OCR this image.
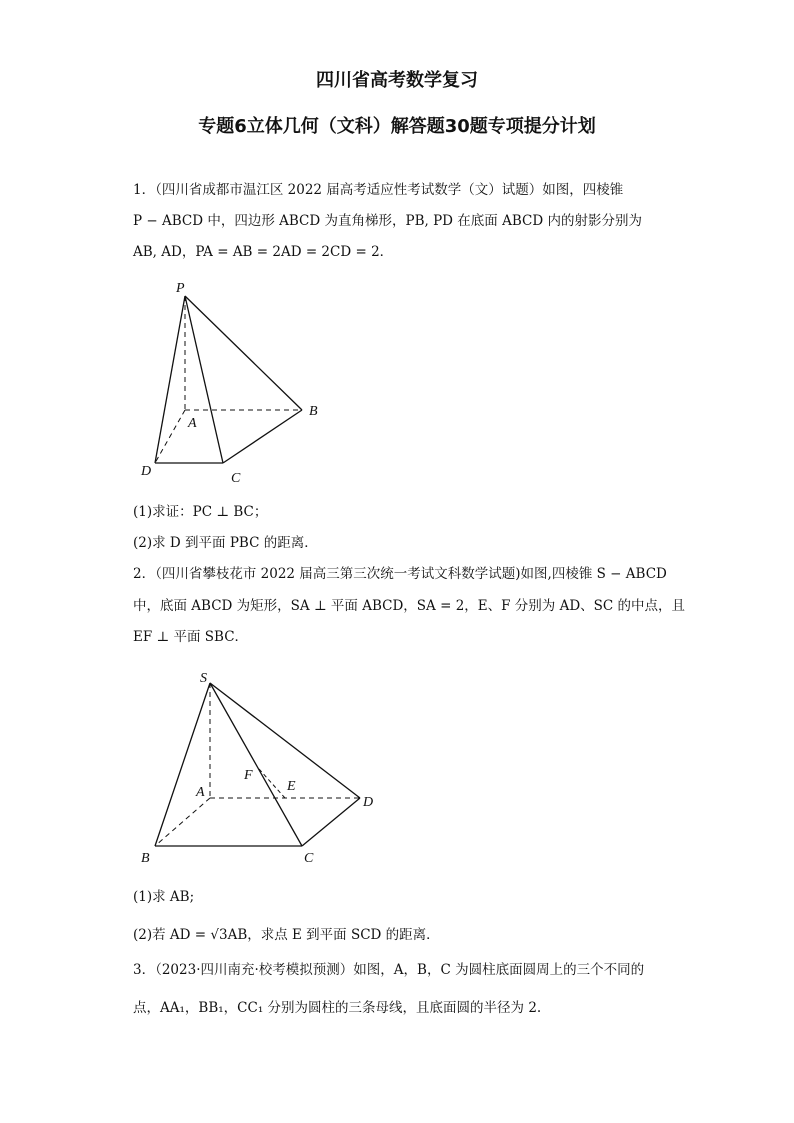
四川省高考数学复习
专题6立体几何（文科）解答题30题专项提分计划
1．（四川省成都市温江区 2022 届高考适应性考试数学（文）试题）如图，四棱锥
P − ABCD 中，四边形 ABCD 为直角梯形，PB, PD 在底面 ABCD 内的射影分别为
AB, AD，PA = AB = 2AD = 2CD = 2．
P
A
B
D	C
(1)求证：PC ⊥ BC；
(2)求 D 到平面 PBC 的距离．
2．（四川省攀枝花市 2022 届高三第三次统一考试文科数学试题)如图,四棱锥 S − ABCD
中，底面 ABCD 为矩形，SA ⊥ 平面 ABCD，SA = 2，E、F 分别为 AD、SC 的中点，且
EF ⊥ 平面 SBC．
S
F
E
A
D
B	C
(1)求 AB;
(2)若 AD = √3AB，求点 E 到平面 SCD 的距离．
3．（2023·四川南充·校考模拟预测）如图，A，B，C 为圆柱底面圆周上的三个不同的
点，AA₁，BB₁，CC₁ 分别为圆柱的三条母线，且底面圆的半径为 2.
